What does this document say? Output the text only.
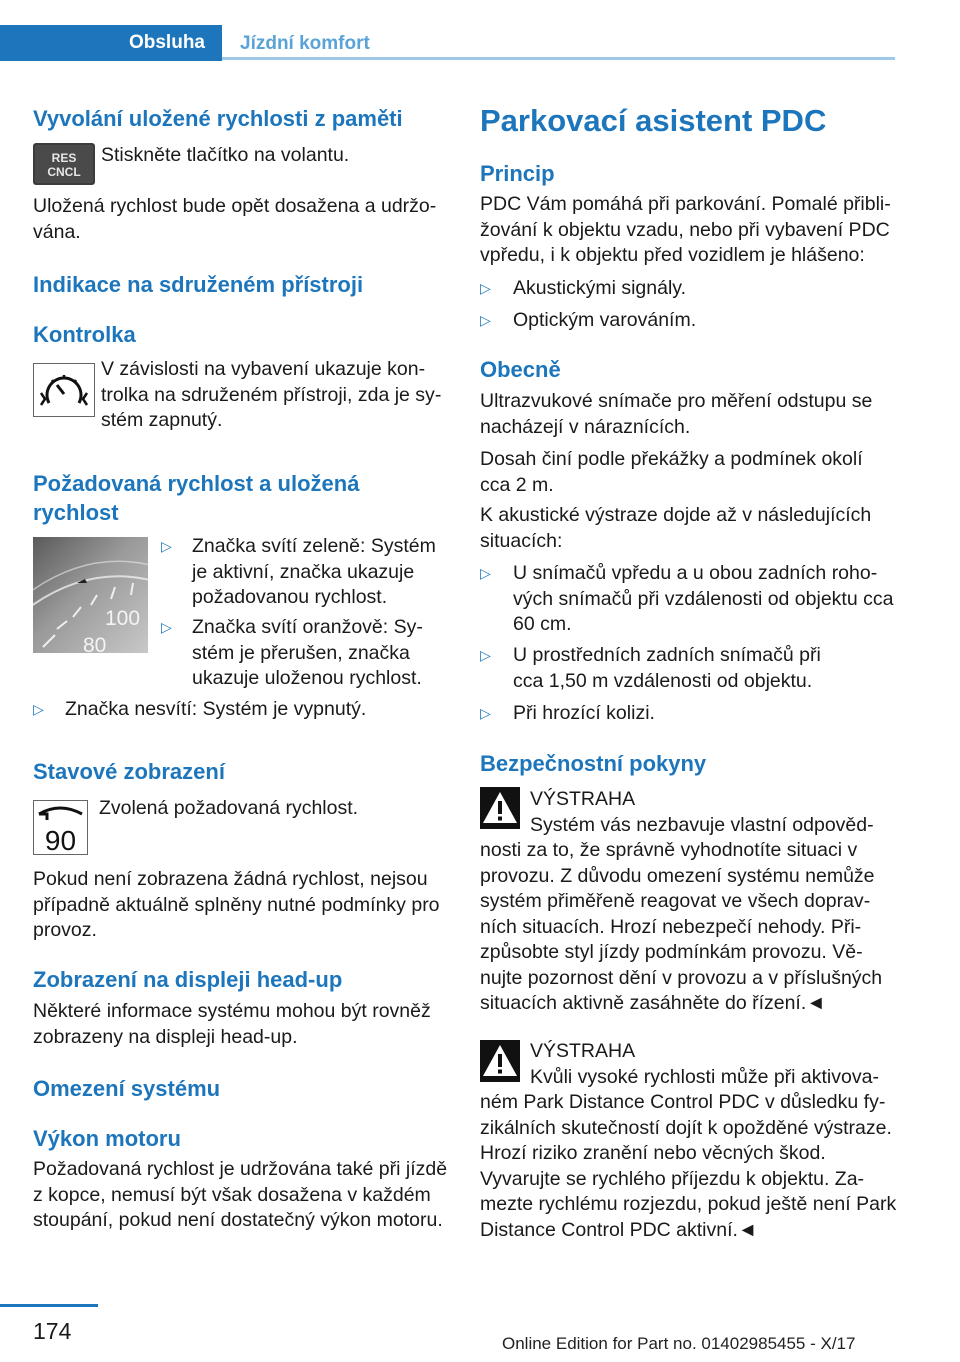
Obsluha Jízdní komfort
Vyvolání uložené rychlosti z paměti
RES
CNCL

Stiskněte tlačítko na volantu.

Uložená rychlost bude opět dosažena a udržována.

Indikace na sdruženém přístroji
Kontrolka

V závislosti na vybavení ukazuje kontrolka na sdruženém přístroji, zda je systém zapnutý.

Požadovaná rychlost a uložená rychlost
100
80
▷	Značka svítí zeleně: Systém je aktivní, značka ukazuje požadovanou rychlost.
▷	Značka svítí oranžově: Systém je přerušen, značka ukazuje uloženou rychlost.
▷	Značka nesvítí: Systém je vypnutý.
Stavové zobrazení
90

Zvolená požadovaná rychlost.

Pokud není zobrazena žádná rychlost, nejsou případně aktuálně splněny nutné podmínky pro provoz.

Zobrazení na displeji head-up

Některé informace systému mohou být rovněž zobrazeny na displeji head-up.

Omezení systému
Výkon motoru

Požadovaná rychlost je udržována také při jízdě z kopce, nemusí být však dosažena v každém stoupání, pokud není dostatečný výkon motoru.

Parkovací asistent PDC
Princip

PDC Vám pomáhá při parkování. Pomalé přibližování k objektu vzadu, nebo při vybavení PDC vpředu, i k objektu před vozidlem je hlášeno:

▷	Akustickými signály.
▷	Optickým varováním.
Obecně

Ultrazvukové snímače pro měření odstupu se nacházejí v náraznících.

Dosah činí podle překážky a podmínek okolí cca 2 m.

K akustické výstraze dojde až v následujících situacích:

▷	U snímačů vpředu a u obou zadních rohových snímačů při vzdálenosti od objektu cca 60 cm.
▷	U prostředních zadních snímačů při cca 1,50 m vzdálenosti od objektu.
▷	Při hrozící kolizi.
Bezpečnostní pokyny

VÝSTRAHA
Systém vás nezbavuje vlastní odpovědnosti za to, že správně vyhodnotíte situaci v provozu. Z důvodu omezení systému nemůže systém přiměřeně reagovat ve všech dopravních situacích. Hrozí nebezpečí nehody. Přizpůsobte styl jízdy podmínkám provozu. Věnujte pozornost dění v provozu a v příslušných situacích aktivně zasáhněte do řízení.◄

VÝSTRAHA
Kvůli vysoké rychlosti může při aktivovaném Park Distance Control PDC v důsledku fyzikálních skutečností dojít k opožděné výstraze. Hrozí riziko zranění nebo věcných škod. Vyvarujte se rychlého příjezdu k objektu. Zamezte rychlému rozjezdu, pokud ještě není Park Distance Control PDC aktivní.◄

174	Online Edition for Part no. 01402985455 - X/17
